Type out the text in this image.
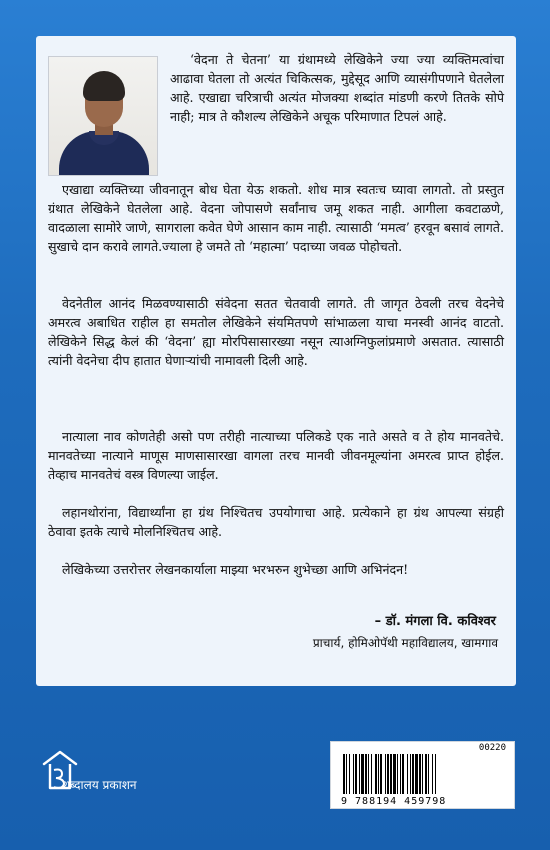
‘वेदना ते चेतना’ या ग्रंथामध्ये लेखिकेने ज्या ज्या व्यक्तिमत्वांचा आढावा घेतला तो अत्यंत चिकित्सक, मुद्देसूद आणि व्यासंगीपणाने घेतलेला आहे. एखाद्या चरित्राची अत्यंत मोजक्या शब्दांत मांडणी करणे तितके सोपे नाही; मात्र ते कौशल्य लेखिकेने अचूक परिमाणात टिपलं आहे.

एखाद्या व्यक्तिच्या जीवनातून बोध घेता येऊ शकतो. शोध मात्र स्वतःच घ्यावा लागतो. तो प्रस्तुत ग्रंथात लेखिकेने घेतलेला आहे. वेदना जोपासणे सर्वांनाच जमू शकत नाही. आगीला कवटाळणे, वादळाला सामोरे जाणे, सागराला कवेत घेणे आसान काम नाही. त्यासाठी ‘ममत्व’ हरवून बसावं लागते. सुखाचे दान करावे लागते.ज्याला हे जमते तो ‘महात्मा’ पदाच्या जवळ पोहोचतो.

वेदनेतील आनंद मिळवण्यासाठी संवेदना सतत चेतवावी लागते. ती जागृत ठेवली तरच वेदनेचे अमरत्व अबाधित राहील हा समतोल लेखिकेने संयमितपणे सांभाळला याचा मनस्वी आनंद वाटतो. लेखिकेने सिद्ध केलं की ‘वेदना’ ह्या मोरपिसासारख्या नसून त्याअग्निफुलांप्रमाणे असतात. त्यासाठी त्यांनी वेदनेचा दीप हातात घेणाऱ्यांची नामावली दिली आहे.

नात्याला नाव कोणतेही असो पण तरीही नात्याच्या पलिकडे एक नाते असते व ते होय मानवतेचे. मानवतेच्या नात्याने माणूस माणसासारखा वागला तरच मानवी जीवनमूल्यांना अमरत्व प्राप्त होईल. तेव्हाच मानवतेचं वस्त्र विणल्या जाईल.

लहानथोरांना, विद्यार्थ्यांना हा ग्रंथ निश्चितच उपयोगाचा आहे. प्रत्येकाने हा ग्रंथ आपल्या संग्रही ठेवावा इतके त्याचे मोलनिश्चितच आहे.

लेखिकेच्या उत्तरोत्तर लेखनकार्याला माझ्या भरभरुन शुभेच्छा आणि अभिनंदन!

– डॉ. मंगला वि. कविश्वर
प्राचार्य, होमिओपॅथी महाविद्यालय, खामगाव
शब्दालय प्रकाशन
00220
9 788194 459798
